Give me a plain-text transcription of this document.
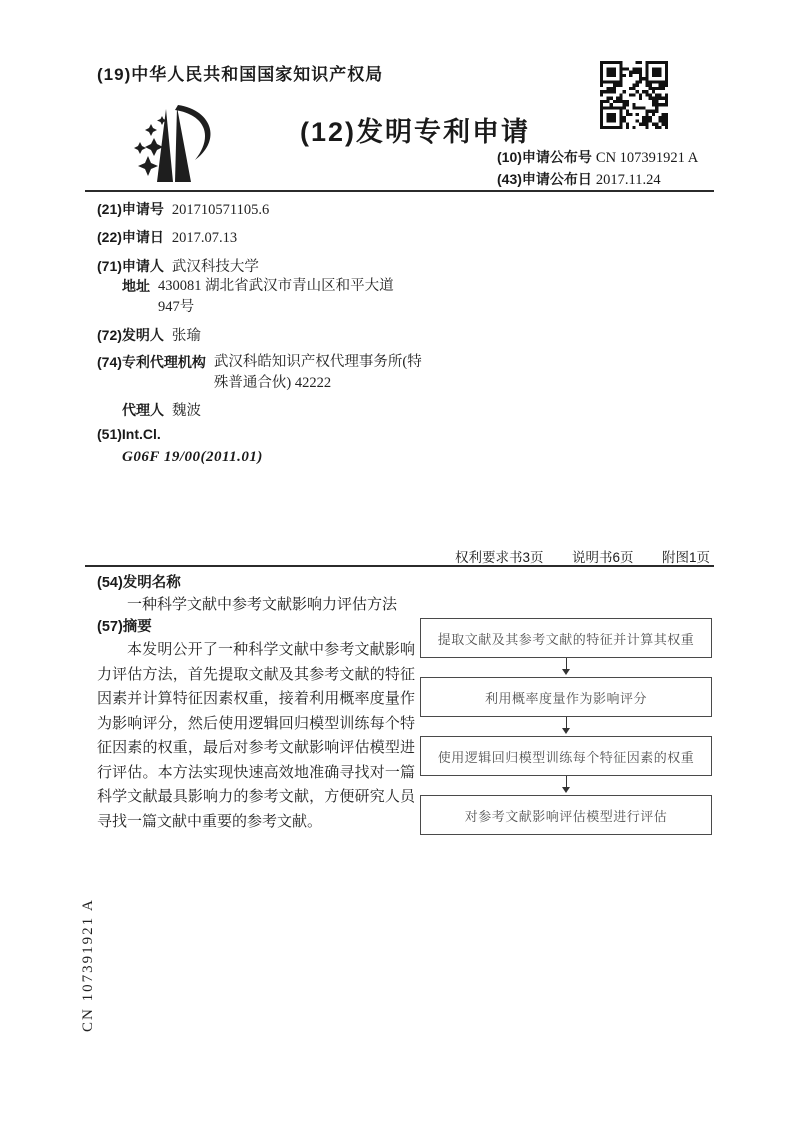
(19)中华人民共和国国家知识产权局
(12)发明专利申请
(10)申请公布号 CN 107391921 A
(43)申请公布日 2017.11.24
(21)申请号 201710571105.6
(22)申请日 2017.07.13
(71)申请人 武汉科技大学
地址 430081 湖北省武汉市青山区和平大道947号
(72)发明人 张瑜
(74)专利代理机构 武汉科皓知识产权代理事务所(特殊普通合伙) 42222
代理人 魏波
(51)Int.Cl.
G06F 19/00(2011.01)
权利要求书3页 说明书6页 附图1页
(54)发明名称
一种科学文献中参考文献影响力评估方法
(57)摘要
本发明公开了一种科学文献中参考文献影响力评估方法，首先提取文献及其参考文献的特征因素并计算特征因素权重，接着利用概率度量作为影响评分，然后使用逻辑回归模型训练每个特征因素的权重，最后对参考文献影响评估模型进行评估。本方法实现快速高效地准确寻找对一篇科学文献最具影响力的参考文献，方便研究人员寻找一篇文献中重要的参考文献。
提取文献及其参考文献的特征并计算其权重
利用概率度量作为影响评分
使用逻辑回归模型训练每个特征因素的权重
对参考文献影响评估模型进行评估
CN 107391921 A
